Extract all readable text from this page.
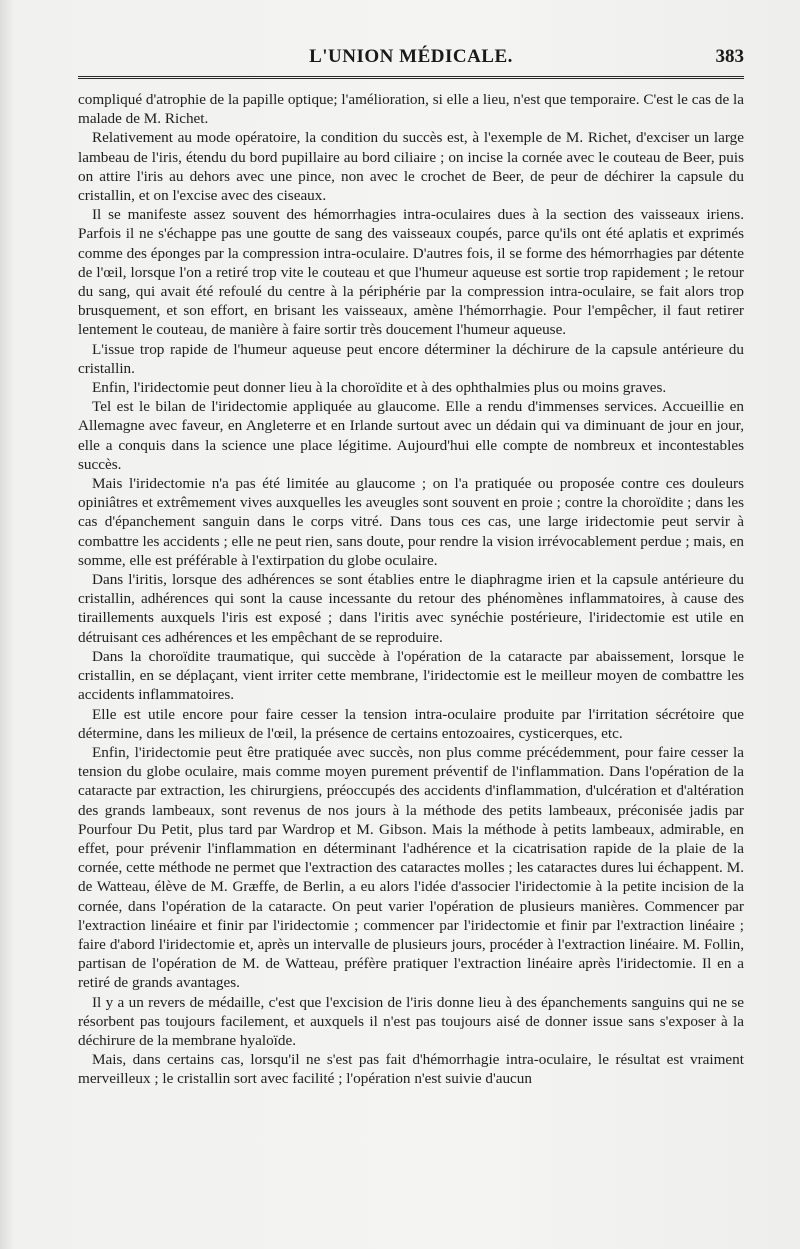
L'UNION MÉDICALE.	383

compliqué d'atrophie de la papille optique; l'amélioration, si elle a lieu, n'est que temporaire. C'est le cas de la malade de M. Richet.

Relativement au mode opératoire, la condition du succès est, à l'exemple de M. Richet, d'exciser un large lambeau de l'iris, étendu du bord pupillaire au bord ciliaire ; on incise la cornée avec le couteau de Beer, puis on attire l'iris au dehors avec une pince, non avec le crochet de Beer, de peur de déchirer la capsule du cristallin, et on l'excise avec des ciseaux.

Il se manifeste assez souvent des hémorrhagies intra-oculaires dues à la section des vaisseaux iriens. Parfois il ne s'échappe pas une goutte de sang des vaisseaux coupés, parce qu'ils ont été aplatis et exprimés comme des éponges par la compression intra-oculaire. D'autres fois, il se forme des hémorrhagies par détente de l'œil, lorsque l'on a retiré trop vite le couteau et que l'humeur aqueuse est sortie trop rapidement ; le retour du sang, qui avait été refoulé du centre à la périphérie par la compression intra-oculaire, se fait alors trop brusquement, et son effort, en brisant les vaisseaux, amène l'hémorrhagie. Pour l'empêcher, il faut retirer lentement le couteau, de manière à faire sortir très doucement l'humeur aqueuse.

L'issue trop rapide de l'humeur aqueuse peut encore déterminer la déchirure de la capsule antérieure du cristallin.

Enfin, l'iridectomie peut donner lieu à la choroïdite et à des ophthalmies plus ou moins graves.

Tel est le bilan de l'iridectomie appliquée au glaucome. Elle a rendu d'immenses services. Accueillie en Allemagne avec faveur, en Angleterre et en Irlande surtout avec un dédain qui va diminuant de jour en jour, elle a conquis dans la science une place légitime. Aujourd'hui elle compte de nombreux et incontestables succès.

Mais l'iridectomie n'a pas été limitée au glaucome ; on l'a pratiquée ou proposée contre ces douleurs opiniâtres et extrêmement vives auxquelles les aveugles sont souvent en proie ; contre la choroïdite ; dans les cas d'épanchement sanguin dans le corps vitré. Dans tous ces cas, une large iridectomie peut servir à combattre les accidents ; elle ne peut rien, sans doute, pour rendre la vision irrévocablement perdue ; mais, en somme, elle est préférable à l'extirpation du globe oculaire.

Dans l'iritis, lorsque des adhérences se sont établies entre le diaphragme irien et la capsule antérieure du cristallin, adhérences qui sont la cause incessante du retour des phénomènes inflammatoires, à cause des tiraillements auxquels l'iris est exposé ; dans l'iritis avec synéchie postérieure, l'iridectomie est utile en détruisant ces adhérences et les empêchant de se reproduire.

Dans la choroïdite traumatique, qui succède à l'opération de la cataracte par abaissement, lorsque le cristallin, en se déplaçant, vient irriter cette membrane, l'iridectomie est le meilleur moyen de combattre les accidents inflammatoires.

Elle est utile encore pour faire cesser la tension intra-oculaire produite par l'irritation sécrétoire que détermine, dans les milieux de l'œil, la présence de certains entozoaires, cysticerques, etc.

Enfin, l'iridectomie peut être pratiquée avec succès, non plus comme précédemment, pour faire cesser la tension du globe oculaire, mais comme moyen purement préventif de l'inflammation. Dans l'opération de la cataracte par extraction, les chirurgiens, préoccupés des accidents d'inflammation, d'ulcération et d'altération des grands lambeaux, sont revenus de nos jours à la méthode des petits lambeaux, préconisée jadis par Pourfour Du Petit, plus tard par Wardrop et M. Gibson. Mais la méthode à petits lambeaux, admirable, en effet, pour prévenir l'inflammation en déterminant l'adhérence et la cicatrisation rapide de la plaie de la cornée, cette méthode ne permet que l'extraction des cataractes molles ; les cataractes dures lui échappent. M. de Watteau, élève de M. Græffe, de Berlin, a eu alors l'idée d'associer l'iridectomie à la petite incision de la cornée, dans l'opération de la cataracte. On peut varier l'opération de plusieurs manières. Commencer par l'extraction linéaire et finir par l'iridectomie ; commencer par l'iridectomie et finir par l'extraction linéaire ; faire d'abord l'iridectomie et, après un intervalle de plusieurs jours, procéder à l'extraction linéaire. M. Follin, partisan de l'opération de M. de Watteau, préfère pratiquer l'extraction linéaire après l'iridectomie. Il en a retiré de grands avantages.

Il y a un revers de médaille, c'est que l'excision de l'iris donne lieu à des épanchements sanguins qui ne se résorbent pas toujours facilement, et auxquels il n'est pas toujours aisé de donner issue sans s'exposer à la déchirure de la membrane hyaloïde.

Mais, dans certains cas, lorsqu'il ne s'est pas fait d'hémorrhagie intra-oculaire, le résultat est vraiment merveilleux ; le cristallin sort avec facilité ; l'opération n'est suivie d'aucun
